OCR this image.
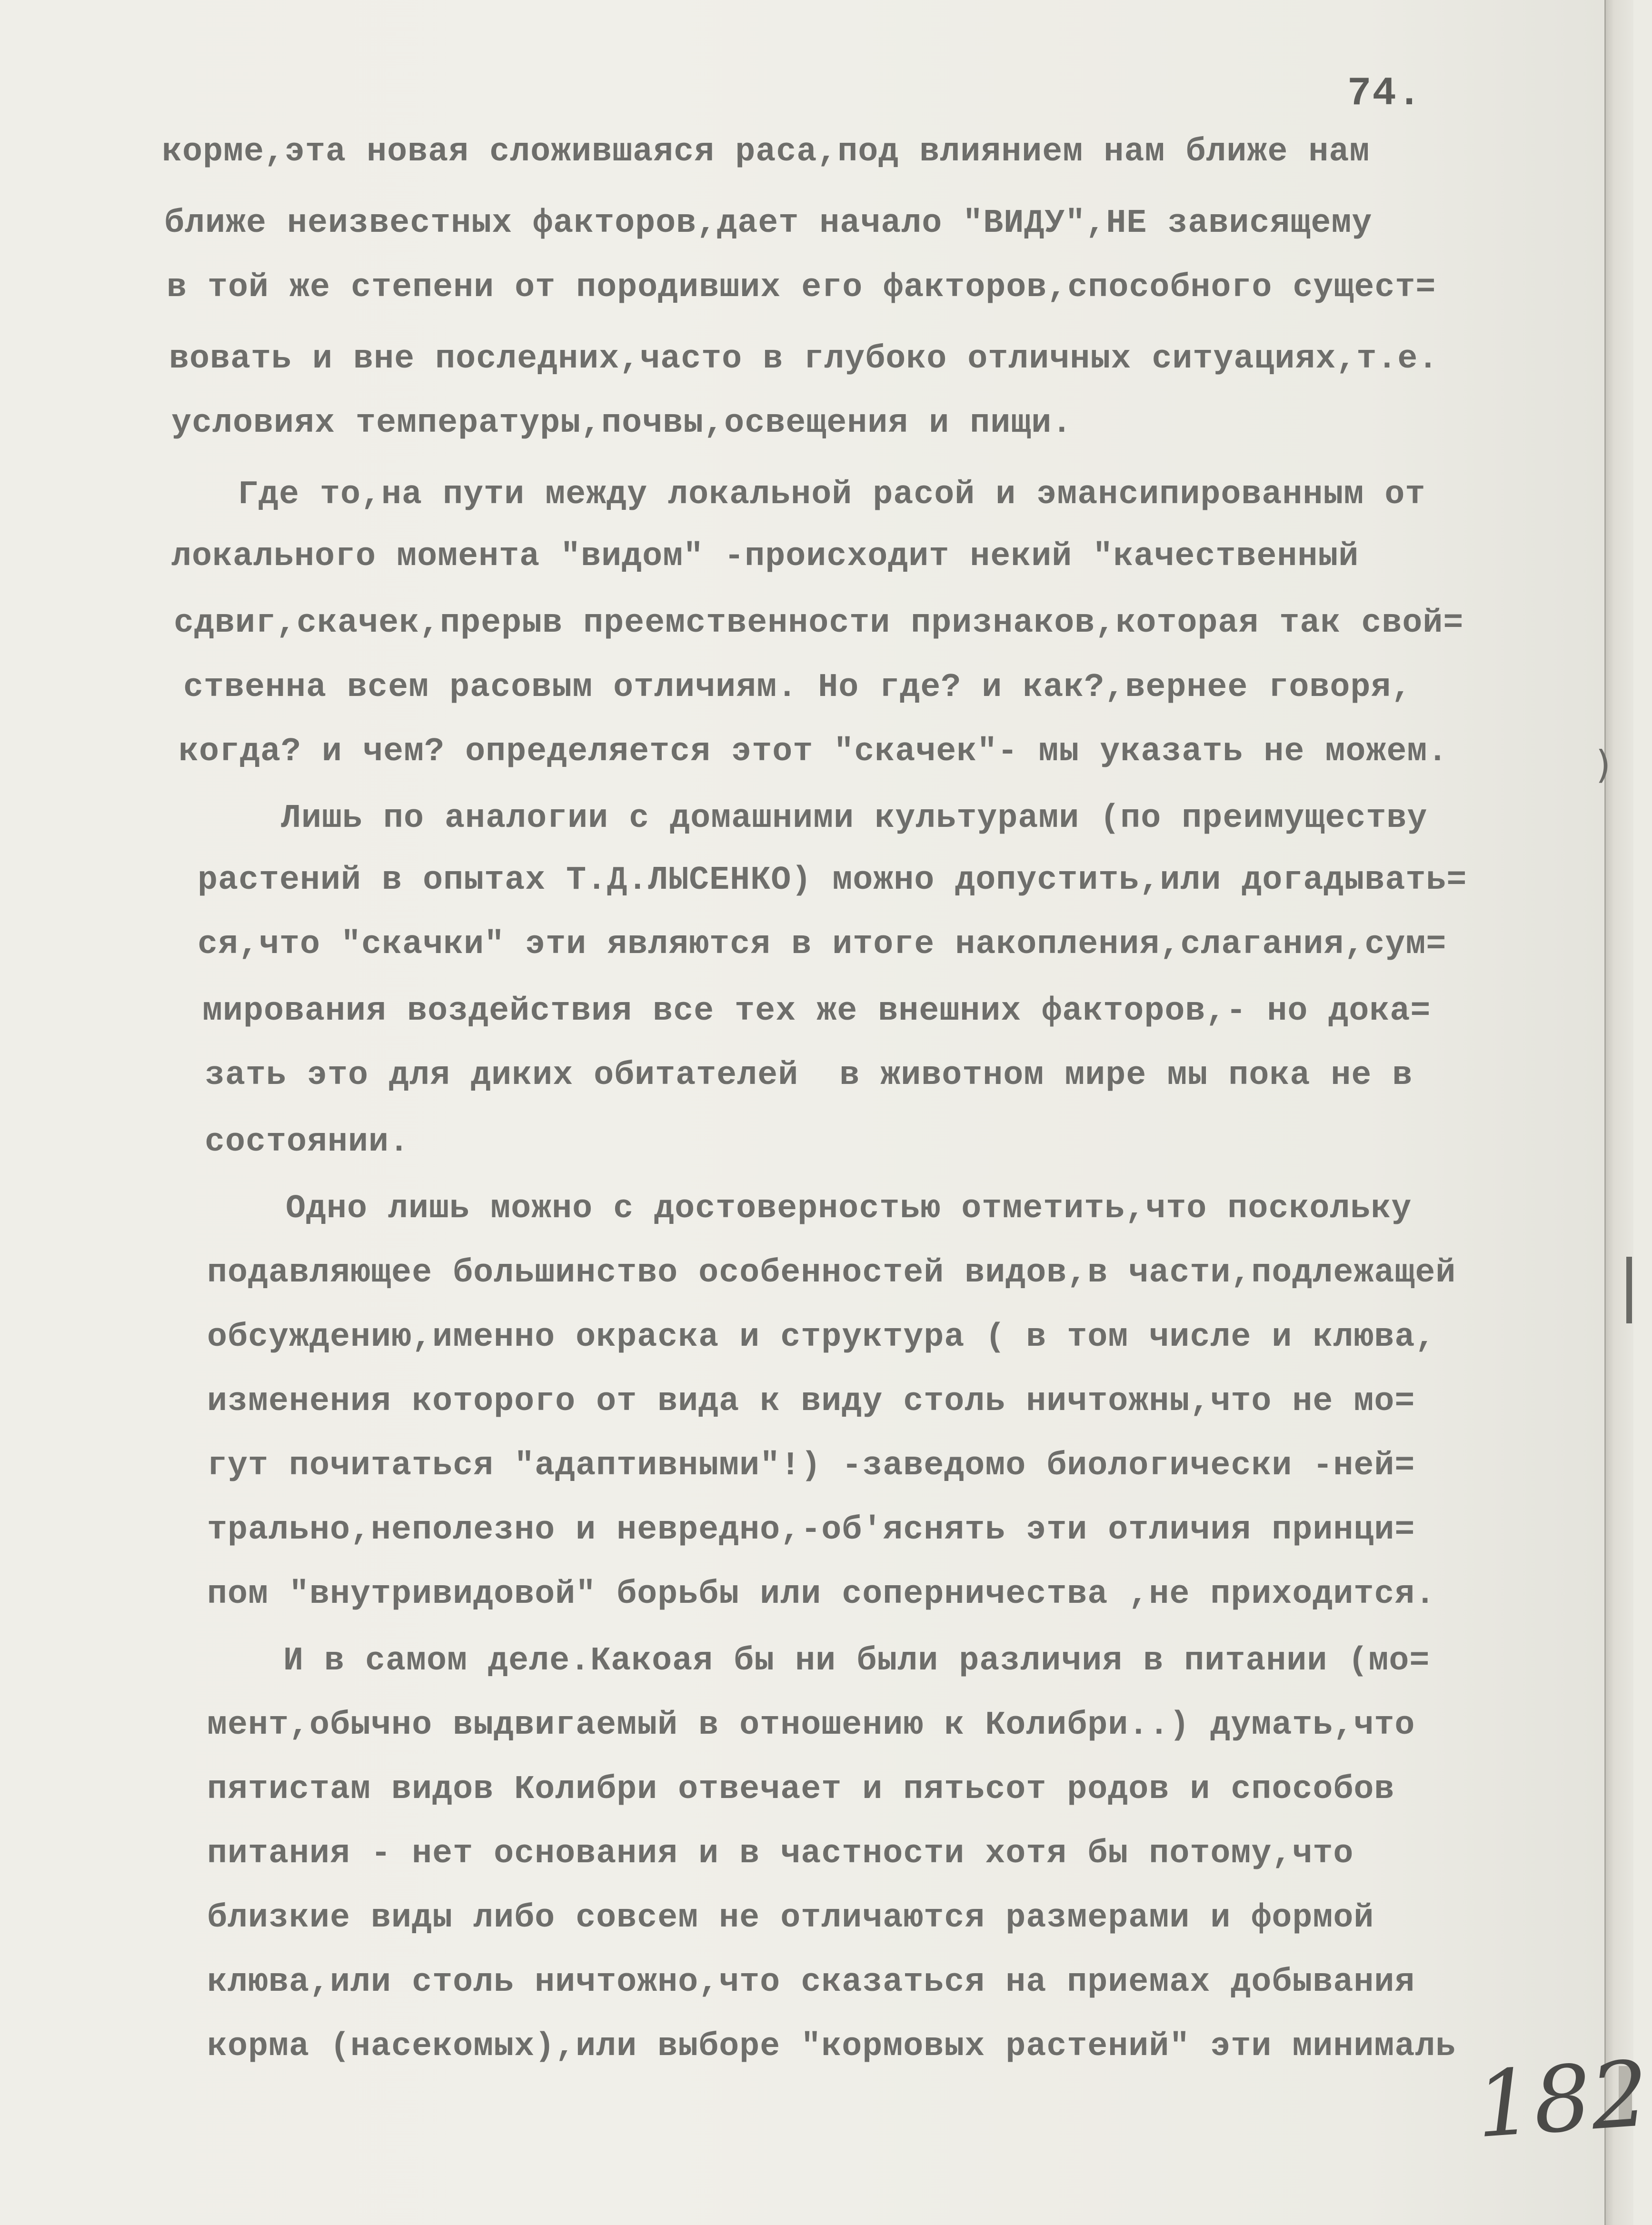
)
74.
корме,эта новая сложившаяся раса,под влиянием нам ближе нам
ближе неизвестных факторов,дает начало "ВИДУ",НЕ зависящему
в той же степени от породивших его факторов,способного сущест=
вовать и вне последних,часто в глубоко отличных ситуациях,т.е.
условиях температуры,почвы,освещения и пищи.
Где то,на пути между локальной расой и эмансипированным от
локального момента "видом" -происходит некий "качественный
сдвиг,скачек,прерыв преемственности признаков,которая так свой=
ственна всем расовым отличиям. Но где? и как?,вернее говоря,
когда? и чем? определяется этот "скачек"- мы указать не можем.
Лишь по аналогии с домашними культурами (по преимуществу
растений в опытах Т.Д.ЛЫСЕНКО) можно допустить,или догадывать=
ся,что "скачки" эти являются в итоге накопления,слагания,сум=
мирования воздействия все тех же внешних факторов,- но дока=
зать это для диких обитателей  в животном мире мы пока не в
состоянии.
Одно лишь можно с достоверностью отметить,что поскольку
подавляющее большинство особенностей видов,в части,подлежащей
обсуждению,именно окраска и структура ( в том числе и клюва,
изменения которого от вида к виду столь ничтожны,что не мо=
гут почитаться "адаптивными"!) -заведомо биологически -ней=
трально,неполезно и невредно,-об'яснять эти отличия принци=
пом "внутривидовой" борьбы или соперничества ,не приходится.
И в самом деле.Какоая бы ни были различия в питании (мо=
мент,обычно выдвигаемый в отношению к Колибри..) думать,что
пятистам видов Колибри отвечает и пятьсот родов и способов
питания - нет основания и в частности хотя бы потому,что
близкие виды либо совсем не отличаются размерами и формой
клюва,или столь ничтожно,что сказаться на приемах добывания
корма (насекомых),или выборе "кормовых растений" эти минималь 182
